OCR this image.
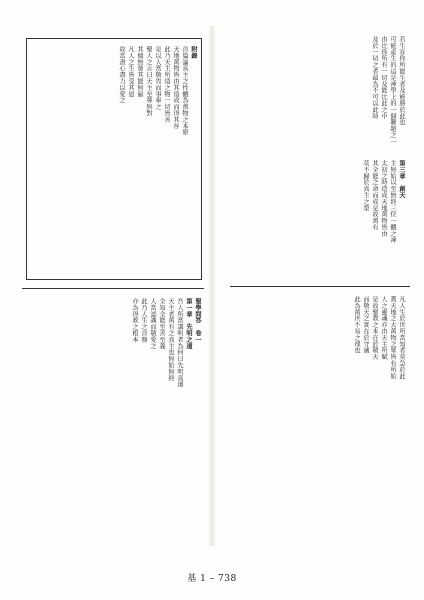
若生育你所能生者及能勝於此也
可能產生的這是神學上的一個難題之一
由比你所有一切及能比此之中
及於一切之者最為不可以此時
第三章　創天
主無始以至無終三位一體之神
太初之時造成天地萬物皆由
其全能之命而成是故萬有
莫不歸於真主之榮
附錄
首篇論真主之性體為萬物之本原
天地萬物皆由其造成而得其存
此乃天主所造之物一切皆善
是以人當敬畏而事奉之
聖人之言曰天主至尊無對
其德無量其能無窮
凡人之生皆受其恩
故當盡心盡力以愛之
凡人生於世所當知者莫急於此
蓋天地之大萬物之眾皆有所始
人之靈魂亦由天主所賦
是故聖教之本在於敬天
而敬天之實在於守誡
此為萬世不易之理也
聖學問答　卷一
第一章　先明之道
吾人所當講明者為何曰先明真道
天主者萬有之真主也無始無終
全知全能至善至義
人當認識而敬愛之
此乃人生之首務
亦為得救之根本
基 1 – 738
